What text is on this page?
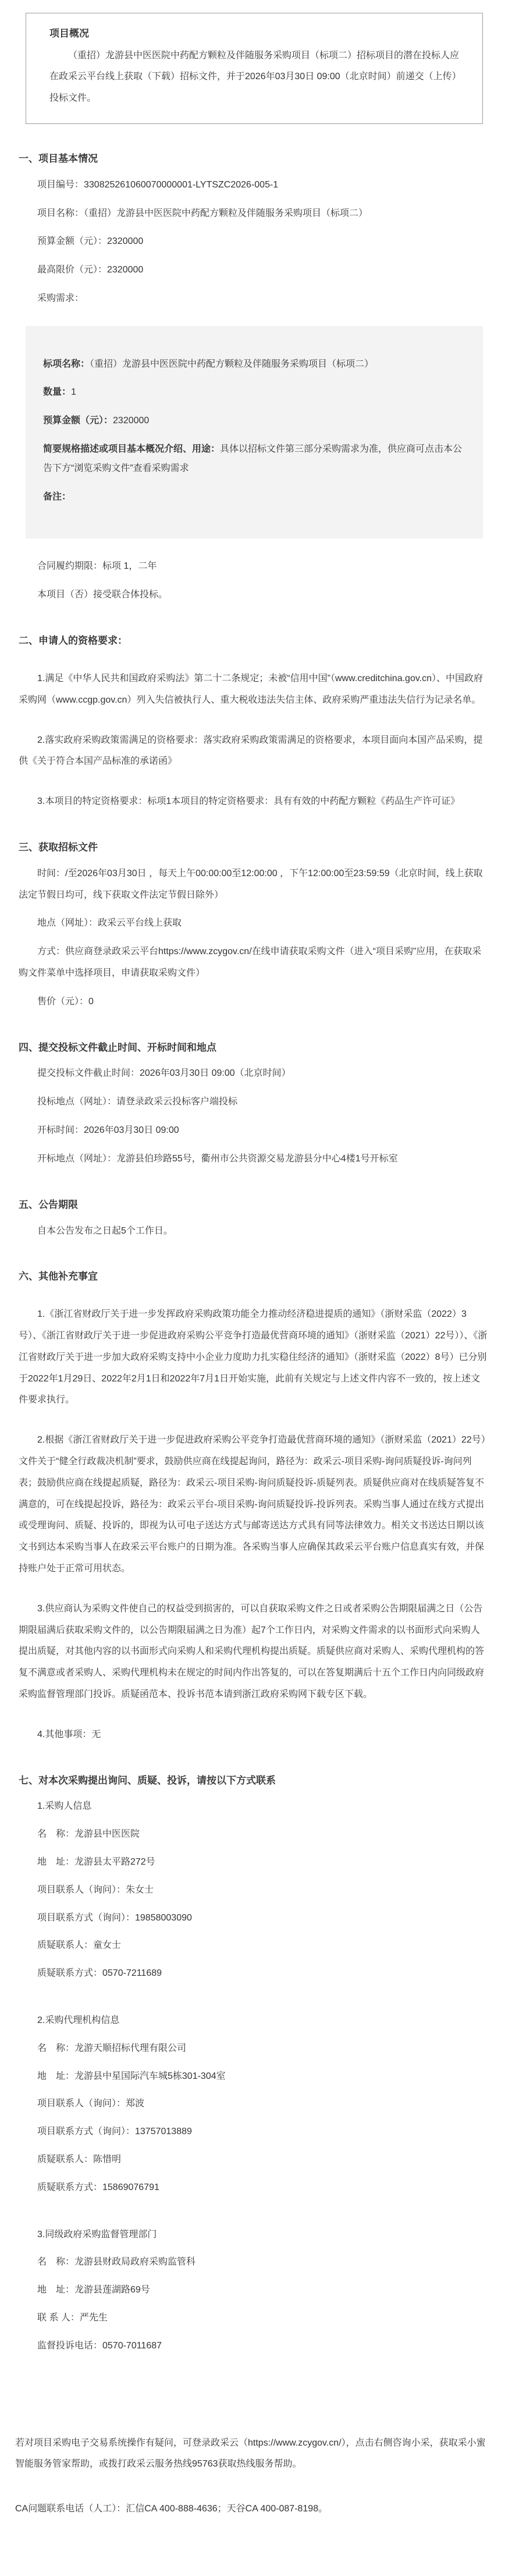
项目概况

（重招）龙游县中医医院中药配方颗粒及伴随服务采购项目（标项二）招标项目的潜在投标人应在政采云平台线上获取（下载）招标文件，并于2026年03月30日 09:00（北京时间）前递交（上传）投标文件。

一、项目基本情况

项目编号：330825261060070000001-LYTSZC2026-005-1

项目名称：（重招）龙游县中医医院中药配方颗粒及伴随服务采购项目（标项二）

预算金额（元）：2320000

最高限价（元）：2320000

采购需求：

标项名称：（重招）龙游县中医医院中药配方颗粒及伴随服务采购项目（标项二）

数量：1

预算金额（元）：2320000

简要规格描述或项目基本概况介绍、用途：具体以招标文件第三部分采购需求为准，供应商可点击本公告下方“浏览采购文件”查看采购需求

备注：

合同履约期限：标项 1，二年

本项目（否）接受联合体投标。

二、申请人的资格要求：

1.满足《中华人民共和国政府采购法》第二十二条规定；未被“信用中国”（www.creditchina.gov.cn）、中国政府采购网（www.ccgp.gov.cn）列入失信被执行人、重大税收违法失信主体、政府采购严重违法失信行为记录名单。

2.落实政府采购政策需满足的资格要求：落实政府采购政策需满足的资格要求，本项目面向本国产品采购，提供《关于符合本国产品标准的承诺函》

3.本项目的特定资格要求：标项1本项目的特定资格要求：具有有效的中药配方颗粒《药品生产许可证》

三、获取招标文件

时间：/至2026年03月30日 ，每天上午00:00:00至12:00:00 ，下午12:00:00至23:59:59（北京时间，线上获取法定节假日均可，线下获取文件法定节假日除外）

地点（网址）：政采云平台线上获取

方式：供应商登录政采云平台https://www.zcygov.cn/在线申请获取采购文件（进入“项目采购”应用，在获取采购文件菜单中选择项目，申请获取采购文件）

售价（元）：0

四、提交投标文件截止时间、开标时间和地点

提交投标文件截止时间：2026年03月30日 09:00（北京时间）

投标地点（网址）：请登录政采云投标客户端投标

开标时间：2026年03月30日 09:00

开标地点（网址）：龙游县伯珍路55号，衢州市公共资源交易龙游县分中心4楼1号开标室

五、公告期限

自本公告发布之日起5个工作日。

六、其他补充事宜

1.《浙江省财政厅关于进一步发挥政府采购政策功能全力推动经济稳进提质的通知》（浙财采监（2022）3号）、《浙江省财政厅关于进一步促进政府采购公平竞争打造最优营商环境的通知》（浙财采监（2021）22号））、《浙江省财政厅关于进一步加大政府采购支持中小企业力度助力扎实稳住经济的通知》（浙财采监（2022）8号）已分别于2022年1月29日、2022年2月1日和2022年7月1日开始实施，此前有关规定与上述文件内容不一致的，按上述文件要求执行。

2.根据《浙江省财政厅关于进一步促进政府采购公平竞争打造最优营商环境的通知》（浙财采监（2021）22号）文件关于“健全行政裁决机制”要求，鼓励供应商在线提起询问，路径为：政采云-项目采购-询问质疑投诉-询问列表；鼓励供应商在线提起质疑，路径为：政采云-项目采购-询问质疑投诉-质疑列表。质疑供应商对在线质疑答复不满意的，可在线提起投诉，路径为：政采云平台-项目采购-询问质疑投诉-投诉列表。采购当事人通过在线方式提出或受理询问、质疑、投诉的，即视为认可电子送达方式与邮寄送达方式具有同等法律效力。相关文书送达日期以该文书到达本采购当事人在政采云平台账户的日期为准。各采购当事人应确保其政采云平台账户信息真实有效，并保持账户处于正常可用状态。

3.供应商认为采购文件使自己的权益受到损害的，可以自获取采购文件之日或者采购公告期限届满之日（公告期限届满后获取采购文件的，以公告期限届满之日为准）起7个工作日内，对采购文件需求的以书面形式向采购人提出质疑，对其他内容的以书面形式向采购人和采购代理机构提出质疑。质疑供应商对采购人、采购代理机构的答复不满意或者采购人、采购代理机构未在规定的时间内作出答复的，可以在答复期满后十五个工作日内向同级政府采购监督管理部门投诉。质疑函范本、投诉书范本请到浙江政府采购网下载专区下载。

4.其他事项：无

七、对本次采购提出询问、质疑、投诉，请按以下方式联系

1.采购人信息

名　称：龙游县中医医院

地　址：龙游县太平路272号

项目联系人（询问）：朱女士

项目联系方式（询问）：19858003090

质疑联系人：童女士

质疑联系方式：0570-7211689

2.采购代理机构信息

名　称：龙游天顺招标代理有限公司

地　址：龙游县中星国际汽车城5栋301-304室

项目联系人（询问）：郑波

项目联系方式（询问）：13757013889

质疑联系人：陈惜明

质疑联系方式：15869076791

3.同级政府采购监督管理部门

名　称：龙游县财政局政府采购监管科

地　址：龙游县莲湖路69号

联 系 人：严先生

监督投诉电话：0570-7011687

若对项目采购电子交易系统操作有疑问，可登录政采云（https://www.zcygov.cn/），点击右侧咨询小采，获取采小蜜智能服务管家帮助，或拨打政采云服务热线95763获取热线服务帮助。

CA问题联系电话（人工）：汇信CA 400-888-4636；天谷CA 400-087-8198。
